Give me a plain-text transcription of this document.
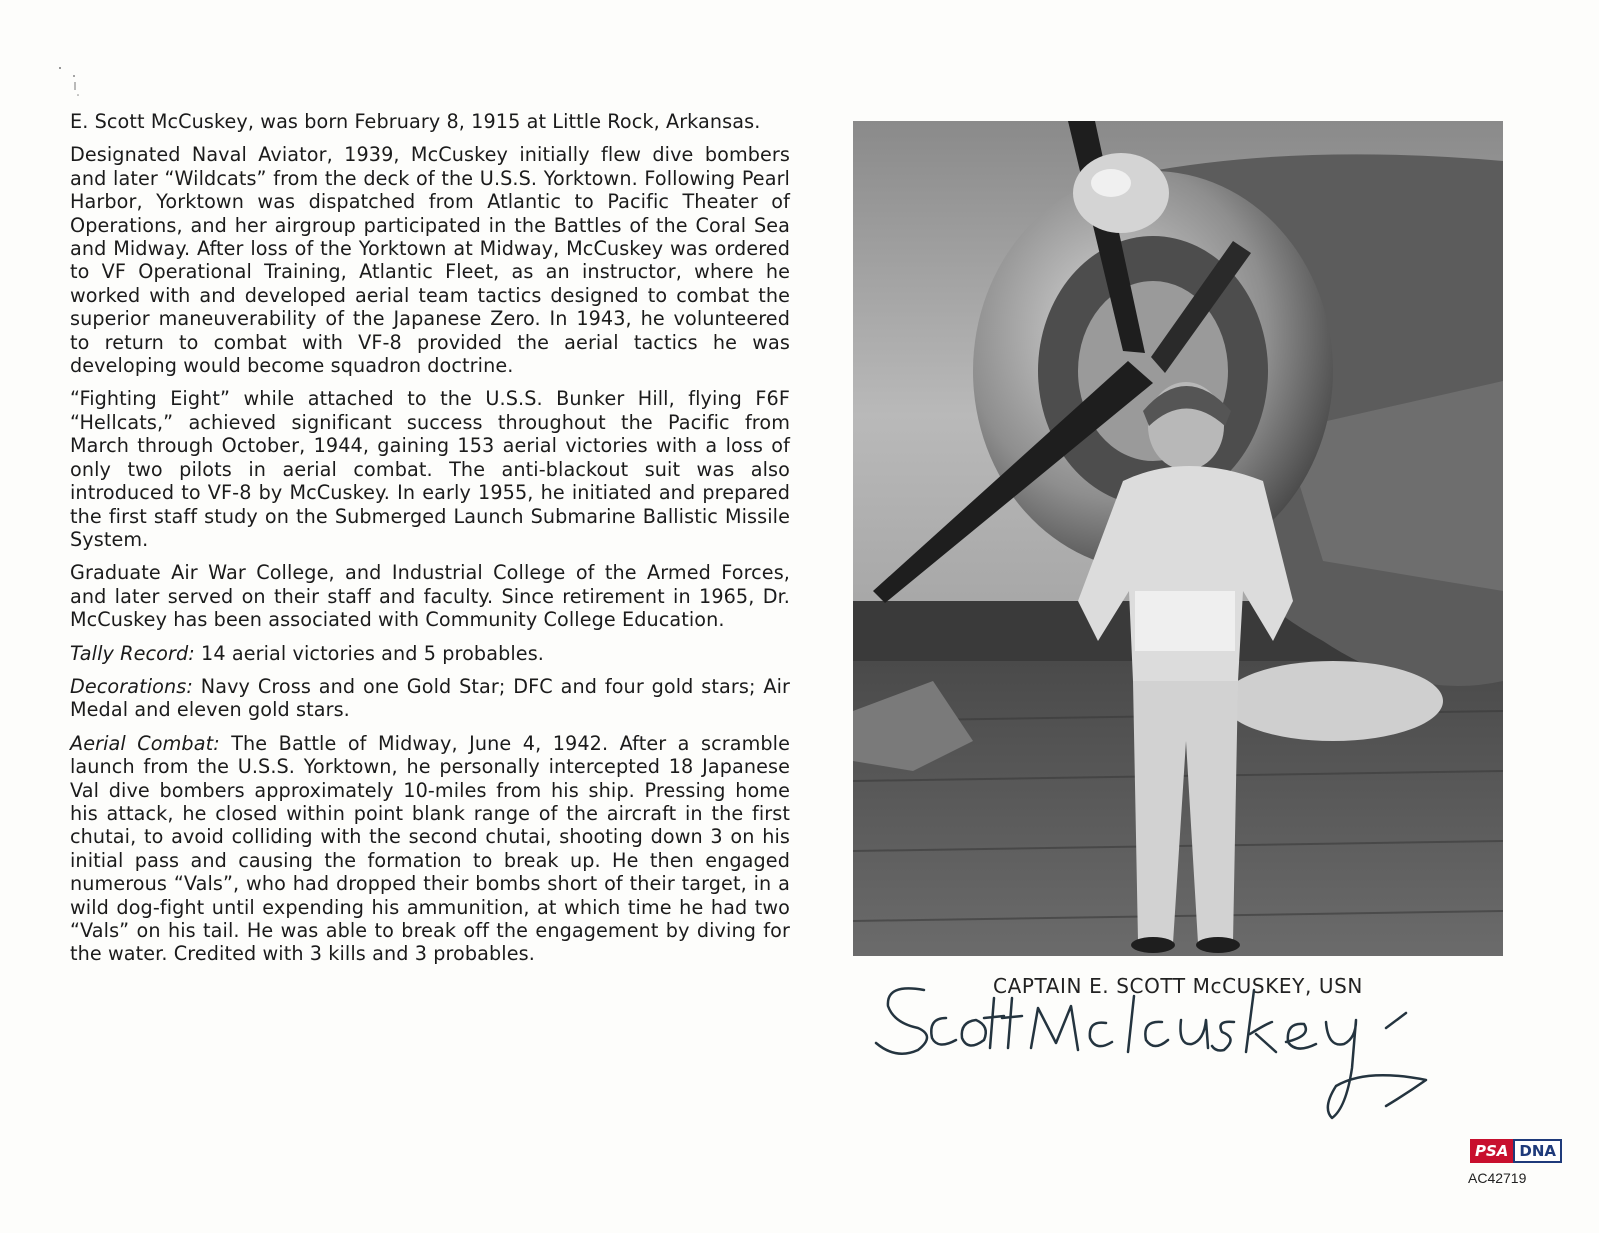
E. Scott McCuskey, was born February 8, 1915 at Little Rock, Arkansas.

Designated Naval Aviator, 1939, McCuskey initially flew dive bombers and later “Wildcats” from the deck of the U.S.S. Yorktown. Following Pearl Harbor, Yorktown was dispatched from Atlantic to Pacific Theater of Operations, and her airgroup participated in the Battles of the Coral Sea and Midway. After loss of the Yorktown at Midway, McCuskey was ordered to VF Operational Training, Atlantic Fleet, as an instructor, where he worked with and developed aerial team tactics designed to combat the superior maneuverability of the Japanese Zero. In 1943, he volunteered to return to combat with VF-8 provided the aerial tactics he was developing would become squadron doctrine.

“Fighting Eight” while attached to the U.S.S. Bunker Hill, flying F6F “Hellcats,” achieved significant success throughout the Pacific from March through October, 1944, gaining 153 aerial victories with a loss of only two pilots in aerial combat. The anti-blackout suit was also introduced to VF-8 by McCuskey. In early 1955, he initiated and prepared the first staff study on the Submerged Launch Submarine Ballistic Missile System.

Graduate Air War College, and Industrial College of the Armed Forces, and later served on their staff and faculty. Since retirement in 1965, Dr. McCuskey has been associated with Community College Education.

Tally Record: 14 aerial victories and 5 probables.

Decorations: Navy Cross and one Gold Star; DFC and four gold stars; Air Medal and eleven gold stars.

Aerial Combat: The Battle of Midway, June 4, 1942. After a scramble launch from the U.S.S. Yorktown, he personally intercepted 18 Japanese Val dive bombers approximately 10-miles from his ship. Pressing home his attack, he closed within point blank range of the aircraft in the first chutai, to avoid colliding with the second chutai, shooting down 3 on his initial pass and causing the formation to break up. He then engaged numerous “Vals”, who had dropped their bombs short of their target, in a wild dog-fight until expending his ammunition, at which time he had two “Vals” on his tail. He was able to break off the engagement by diving for the water. Credited with 3 kills and 3 probables.

CAPTAIN E. SCOTT McCUSKEY, USN
PSA DNA
AC42719
